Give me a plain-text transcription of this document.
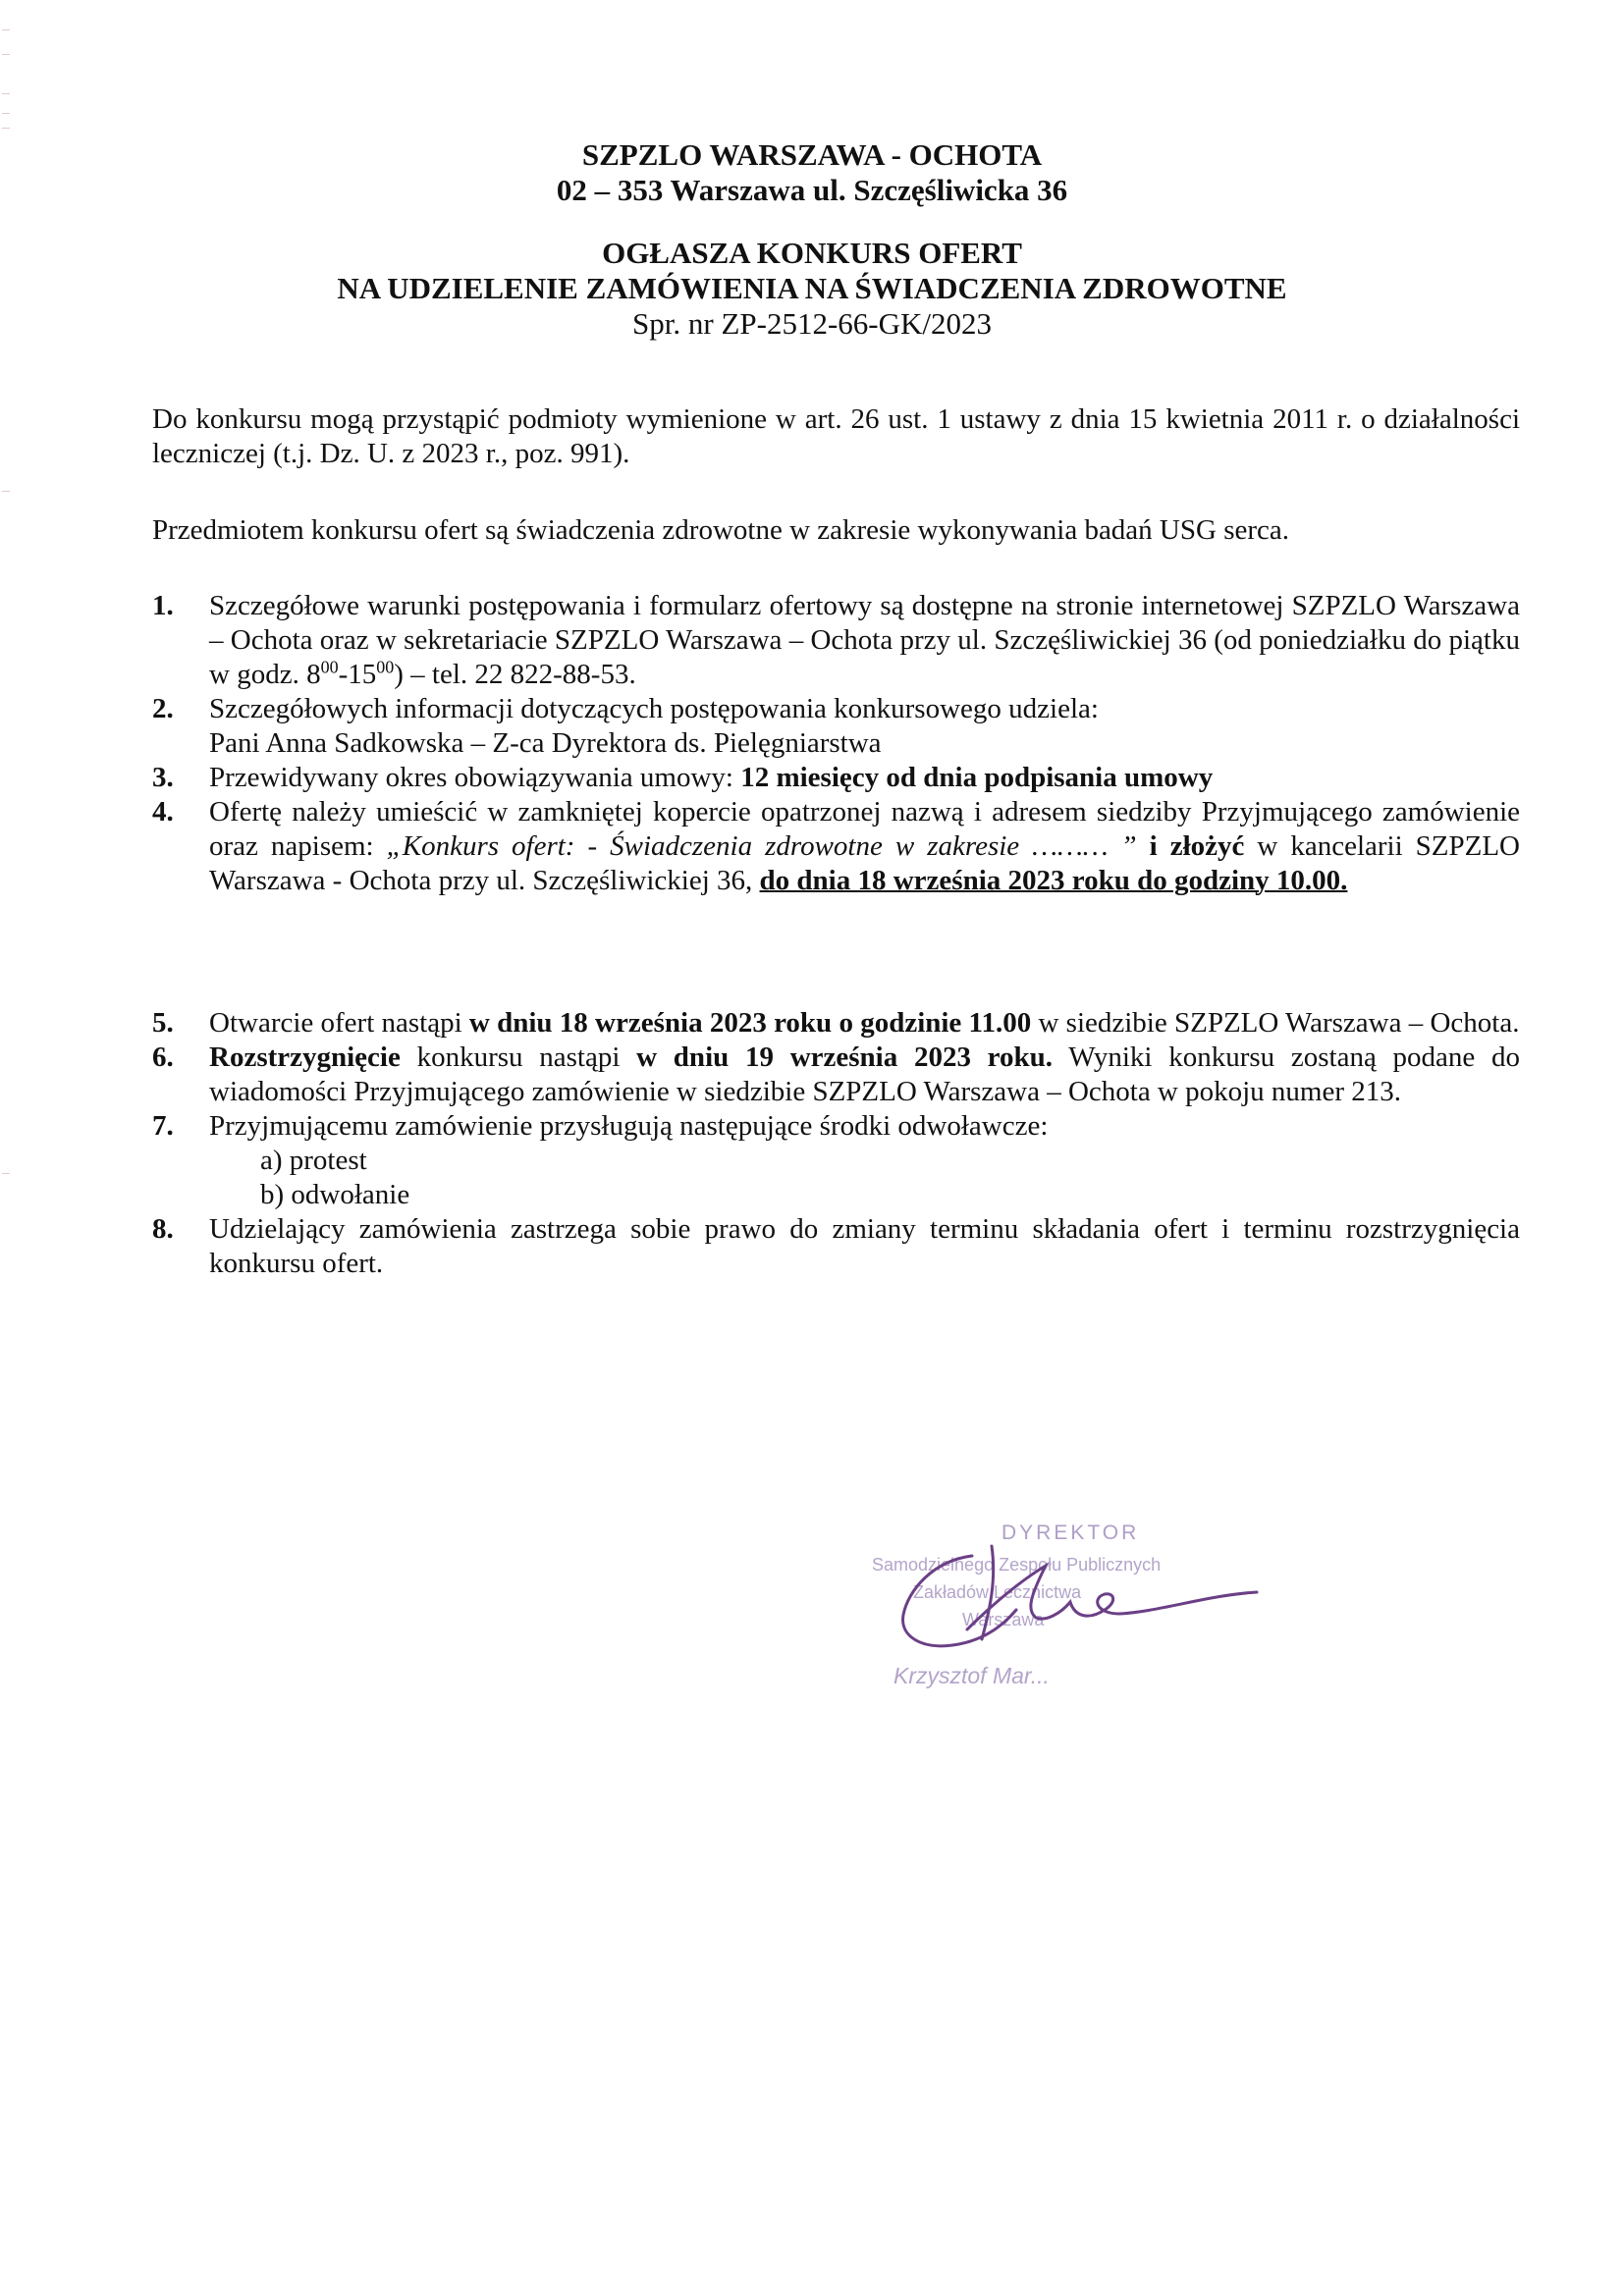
SZPZLO WARSZAWA - OCHOTA

02 – 353 Warszawa ul. Szczęśliwicka 36

OGŁASZA KONKURS OFERT

NA UDZIELENIE ZAMÓWIENIA NA ŚWIADCZENIA ZDROWOTNE

Spr. nr ZP-2512-66-GK/2023

Do konkursu mogą przystąpić podmioty wymienione w art. 26 ust. 1 ustawy z dnia 15 kwietnia 2011 r. o działalności leczniczej (t.j. Dz. U. z 2023 r., poz. 991).

Przedmiotem konkursu ofert są świadczenia zdrowotne w zakresie wykonywania badań USG serca.

1. Szczegółowe warunki postępowania i formularz ofertowy są dostępne na stronie internetowej SZPZLO Warszawa – Ochota oraz w sekretariacie SZPZLO Warszawa – Ochota przy ul. Szczęśliwickiej 36 (od poniedziałku do piątku w godz. $8^{00}-15^{00}$) – tel. 22 822-88-53.
2. Szczegółowych informacji dotyczących postępowania konkursowego udziela:
Pani Anna Sadkowska – Z-ca Dyrektora ds. Pielęgniarstwa
3. Przewidywany okres obowiązywania umowy: 12 miesięcy od dnia podpisania umowy
4. Ofertę należy umieścić w zamkniętej kopercie opatrzonej nazwą i adresem siedziby Przyjmującego zamówienie oraz napisem: „Konkurs ofert: - Świadczenia zdrowotne w zakresie ……… ” i złożyć w kancelarii SZPZLO Warszawa - Ochota przy ul. Szczęśliwickiej 36, do dnia 18 września 2023 roku do godziny 10.00.
5. Otwarcie ofert nastąpi w dniu 18 września 2023 roku o godzinie 11.00 w siedzibie SZPZLO Warszawa – Ochota.
6. Rozstrzygnięcie konkursu nastąpi w dniu 19 września 2023 roku. Wyniki konkursu zostaną podane do wiadomości Przyjmującego zamówienie w siedzibie SZPZLO Warszawa – Ochota w pokoju numer 213.
7. Przyjmującemu zamówienie przysługują następujące środki odwoławcze:
a) protest
b) odwołanie
8. Udzielający zamówienia zastrzega sobie prawo do zmiany terminu składania ofert i terminu rozstrzygnięcia konkursu ofert.
DYREKTOR
Samodzielnego Zespołu Publicznych
Zakładów Lecznictwa
Warszawa
Krzysztof Mar...
